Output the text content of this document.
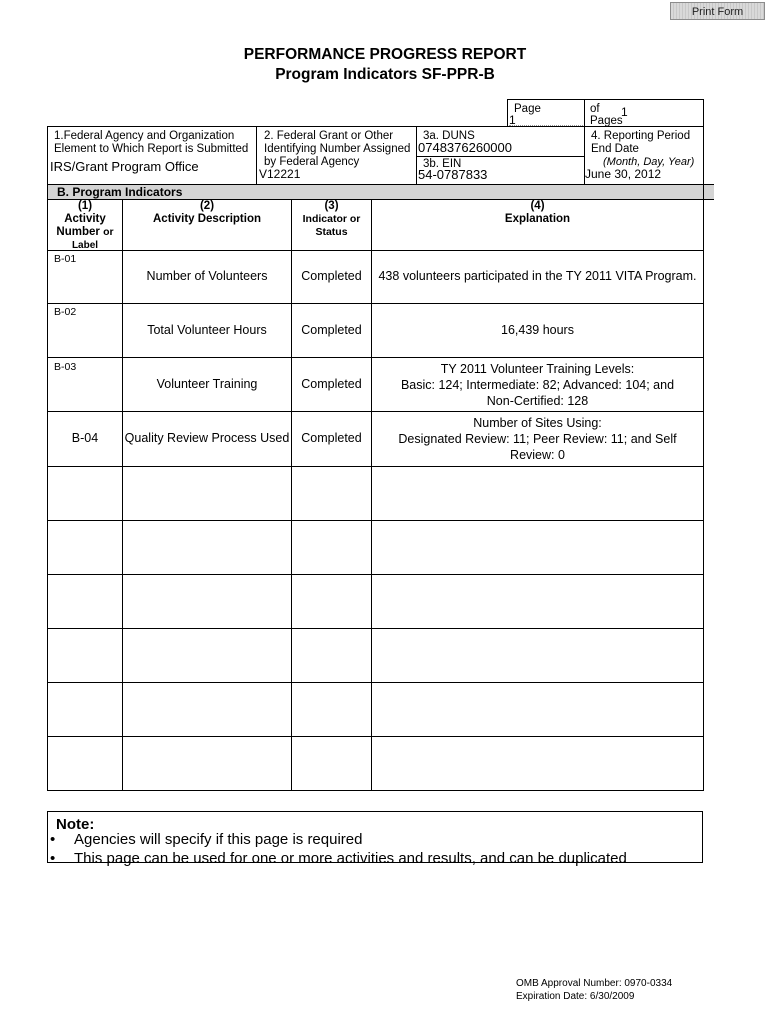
Print Form
PERFORMANCE PROGRESS REPORT
Program Indicators SF-PPR-B
Page
1
of 1
Pages
1.Federal Agency and Organization
Element to Which Report is Submitted
IRS/Grant Program Office
2. Federal Grant or Other
Identifying Number Assigned
by Federal Agency
V12221
3a. DUNS
0748376260000
3b. EIN
54-0787833
4. Reporting Period
End Date
(Month, Day, Year)
June 30, 2012
B. Program Indicators
(1)
Activity
Number or
Label
(2)
Activity Description
(3)
Indicator or
Status
(4)
Explanation
B-01
Number of Volunteers	Completed	438 volunteers participated in the TY 2011 VITA Program.
B-02
Total Volunteer Hours	Completed	16,439 hours
B-03
Volunteer Training	Completed
TY 2011 Volunteer Training Levels:
Basic: 124; Intermediate: 82; Advanced: 104; and
Non-Certified: 128
B-04	Quality Review Process Used Completed
Number of Sites Using:
Designated Review: 11; Peer Review: 11; and Self
Review: 0
Note:
• Agencies will specify if this page is required
• This page can be used for one or more activities and results, and can be duplicated
OMB Approval Number: 0970-0334
Expiration Date: 6/30/2009
